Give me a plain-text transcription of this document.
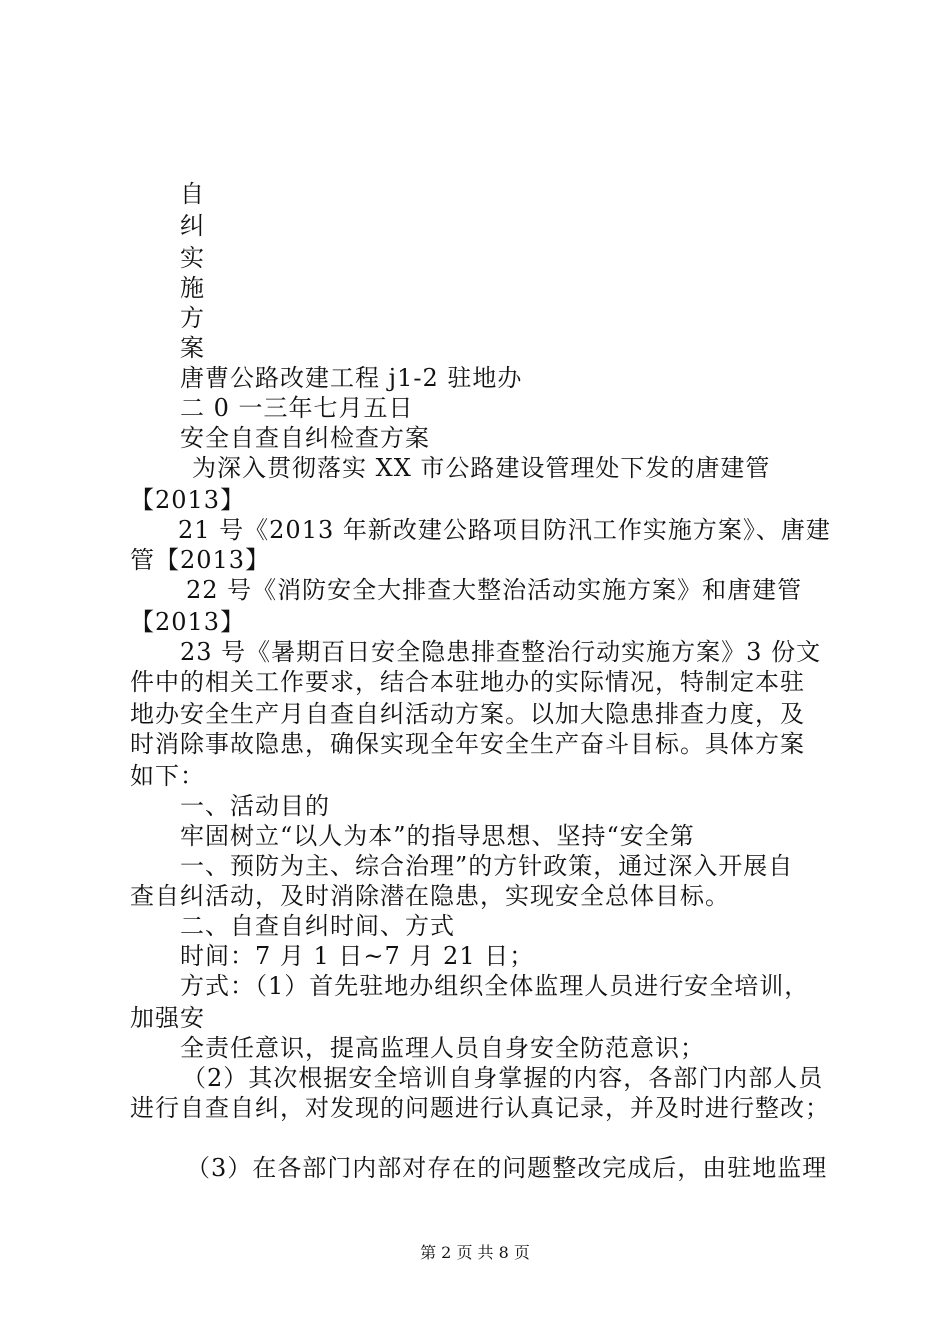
自
纠
实
施
方
案
唐曹公路改建工程 j1-2 驻地办
二 0 一三年七月五日
安全自查自纠检查方案
为深入贯彻落实 XX 市公路建设管理处下发的唐建管
【2013】
21 号《2013 年新改建公路项目防汛工作实施方案》、唐建
管【2013】
22 号《消防安全大排查大整治活动实施方案》和唐建管
【2013】
23 号《暑期百日安全隐患排查整治行动实施方案》3 份文
件中的相关工作要求，结合本驻地办的实际情况，特制定本驻
地办安全生产月自查自纠活动方案。以加大隐患排查力度，及
时消除事故隐患，确保实现全年安全生产奋斗目标。具体方案
如下：
一、活动目的
牢固树立“以人为本”的指导思想、坚持“安全第
一、预防为主、综合治理”的方针政策，通过深入开展自
查自纠活动，及时消除潜在隐患，实现安全总体目标。
二、自查自纠时间、方式
时间：7 月 1 日~7 月 21 日；
方式：（1）首先驻地办组织全体监理人员进行安全培训，
加强安
全责任意识，提高监理人员自身安全防范意识；
（2）其次根据安全培训自身掌握的内容，各部门内部人员
进行自查自纠，对发现的问题进行认真记录，并及时进行整改；
（3）在各部门内部对存在的问题整改完成后，由驻地监理
第 2 页 共 8 页
